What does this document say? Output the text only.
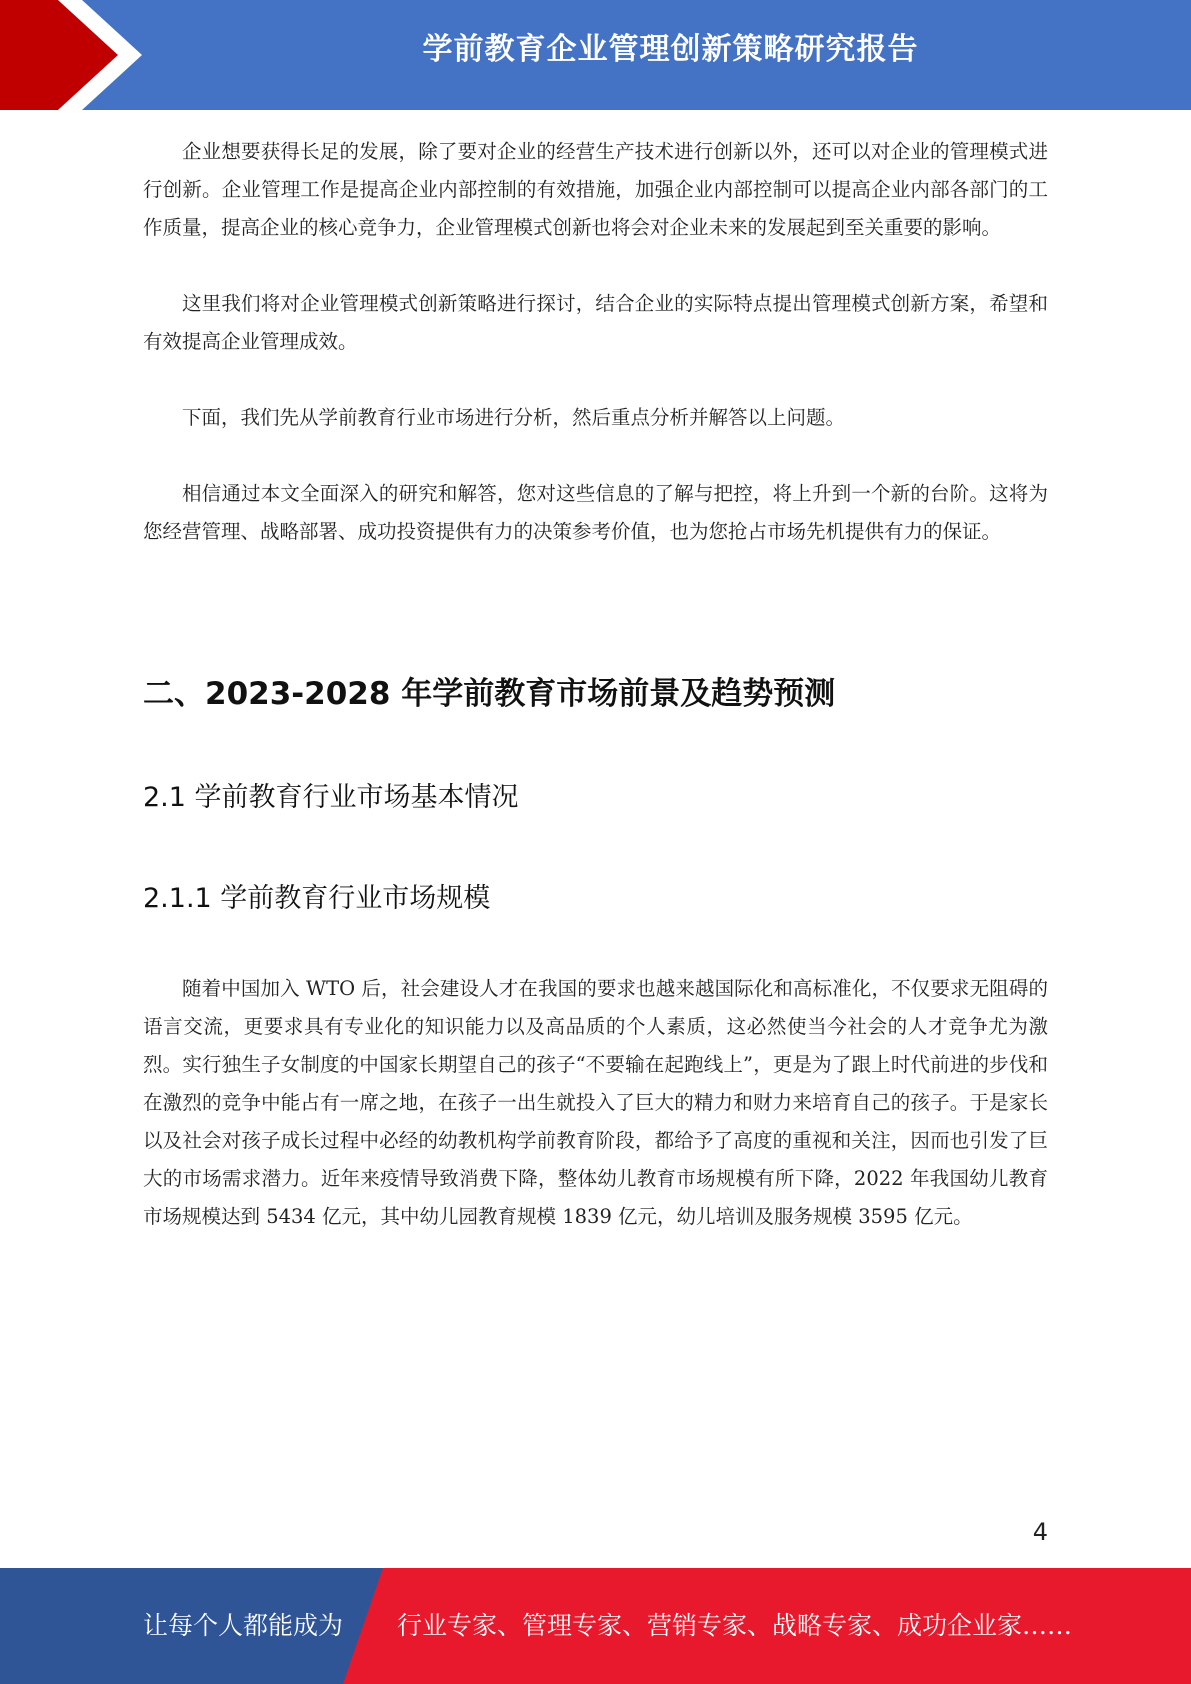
学前教育企业管理创新策略研究报告

企业想要获得长足的发展，除了要对企业的经营生产技术进行创新以外，还可以对企业的管理模式进行创新。企业管理工作是提高企业内部控制的有效措施，加强企业内部控制可以提高企业内部各部门的工作质量，提高企业的核心竞争力，企业管理模式创新也将会对企业未来的发展起到至关重要的影响。

这里我们将对企业管理模式创新策略进行探讨，结合企业的实际特点提出管理模式创新方案，希望和有效提高企业管理成效。

下面，我们先从学前教育行业市场进行分析，然后重点分析并解答以上问题。

相信通过本文全面深入的研究和解答，您对这些信息的了解与把控，将上升到一个新的台阶。这将为您经营管理、战略部署、成功投资提供有力的决策参考价值，也为您抢占市场先机提供有力的保证。

二、2023-2028 年学前教育市场前景及趋势预测
2.1 学前教育行业市场基本情况
2.1.1 学前教育行业市场规模

随着中国加入 WTO 后，社会建设人才在我国的要求也越来越国际化和高标准化，不仅要求无阻碍的语言交流，更要求具有专业化的知识能力以及高品质的个人素质，这必然使当今社会的人才竞争尤为激烈。实行独生子女制度的中国家长期望自己的孩子“不要输在起跑线上”，更是为了跟上时代前进的步伐和在激烈的竞争中能占有一席之地，在孩子一出生就投入了巨大的精力和财力来培育自己的孩子。于是家长以及社会对孩子成长过程中必经的幼教机构学前教育阶段，都给予了高度的重视和关注，因而也引发了巨大的市场需求潜力。近年来疫情导致消费下降，整体幼儿教育市场规模有所下降，2022 年我国幼儿教育市场规模达到 5434 亿元，其中幼儿园教育规模 1839 亿元，幼儿培训及服务规模 3595 亿元。

4
让每个人都能成为 行业专家、管理专家、营销专家、战略专家、成功企业家……
